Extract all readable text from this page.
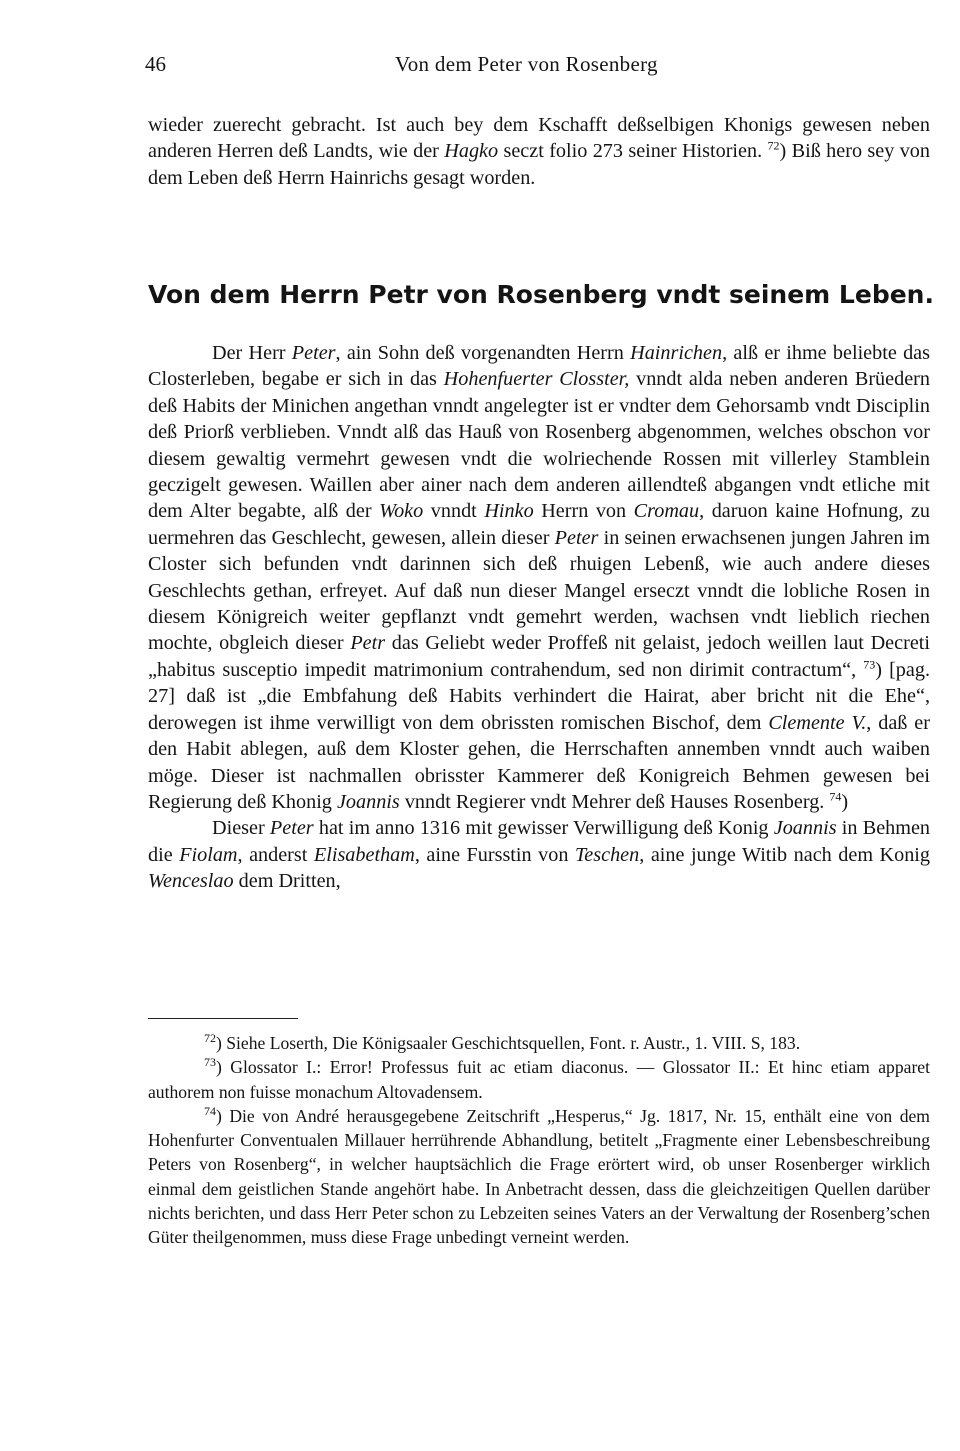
46	Von dem Peter von Rosenberg

wieder zuerecht gebracht. Ist auch bey dem Kschafft deßselbigen Khonigs gewesen neben anderen Herren deß Landts, wie der Hagko seczt folio 273 seiner Historien. $^{72}$) Biß hero sey von dem Leben deß Herrn Hainrichs gesagt worden.

Von dem Herrn Petr von Rosenberg vndt seinem Leben.

Der Herr Peter, ain Sohn deß vorgenandten Herrn Hainrichen, alß er ihme beliebte das Closterleben, begabe er sich in das Hohenfuerter Closster, vnndt alda neben anderen Brüedern deß Habits der Minichen angethan vnndt angelegter ist er vndter dem Gehorsamb vndt Disciplin deß Priorß verblieben. Vnndt alß das Hauß von Rosenberg abgenommen, welches obschon vor diesem gewaltig vermehrt gewesen vndt die wolriechende Rossen mit villerley Stamblein geczigelt gewesen. Waillen aber ainer nach dem anderen aillendteß abgangen vndt etliche mit dem Alter begabte, alß der Woko vnndt Hinko Herrn von Cromau, daruon kaine Hofnung, zu uermehren das Geschlecht, gewesen, allein dieser Peter in seinen erwachsenen jungen Jahren im Closter sich befunden vndt darinnen sich deß rhuigen Lebenß, wie auch andere dieses Geschlechts gethan, erfreyet. Auf daß nun dieser Mangel erseczt vnndt die lobliche Rosen in diesem Königreich weiter gepflanzt vndt gemehrt werden, wachsen vndt lieblich riechen mochte, obgleich dieser Petr das Geliebt weder Proffeß nit gelaist, jedoch weillen laut Decreti „habitus susceptio impedit matrimonium contrahendum, sed non dirimit contractum“, $^{73}$) [pag. 27] daß ist „die Embfahung deß Habits verhindert die Hairat, aber bricht nit die Ehe“, derowegen ist ihme verwilligt von dem obrissten romischen Bischof, dem Clemente V., daß er den Habit ablegen, auß dem Kloster gehen, die Herrschaften annemben vnndt auch waiben möge. Dieser ist nachmallen obrisster Kammerer deß Konigreich Behmen gewesen bei Regierung deß Khonig Joannis vnndt Regierer vndt Mehrer deß Hauses Rosenberg. $^{74}$)

Dieser Peter hat im anno 1316 mit gewisser Verwilligung deß Konig Joannis in Behmen die Fiolam, anderst Elisabetham, aine Fursstin von Teschen, aine junge Witib nach dem Konig Wenceslao dem Dritten,

$^{72}$) Siehe Loserth, Die Königsaaler Geschichtsquellen, Font. r. Austr., 1. VIII. S, 183.

$^{73}$) Glossator I.: Error! Professus fuit ac etiam diaconus. — Glossator II.: Et hinc etiam apparet authorem non fuisse monachum Altovadensem.

$^{74}$) Die von André herausgegebene Zeitschrift „Hesperus,“ Jg. 1817, Nr. 15, enthält eine von dem Hohenfurter Conventualen Millauer herrührende Abhandlung, betitelt „Fragmente einer Lebensbeschreibung Peters von Rosenberg“, in welcher hauptsächlich die Frage erörtert wird, ob unser Rosenberger wirklich einmal dem geistlichen Stande angehört habe. In Anbetracht dessen, dass die gleichzeitigen Quellen darüber nichts berichten, und dass Herr Peter schon zu Lebzeiten seines Vaters an der Verwaltung der Rosenberg’schen Güter theilgenommen, muss diese Frage unbedingt verneint werden.
